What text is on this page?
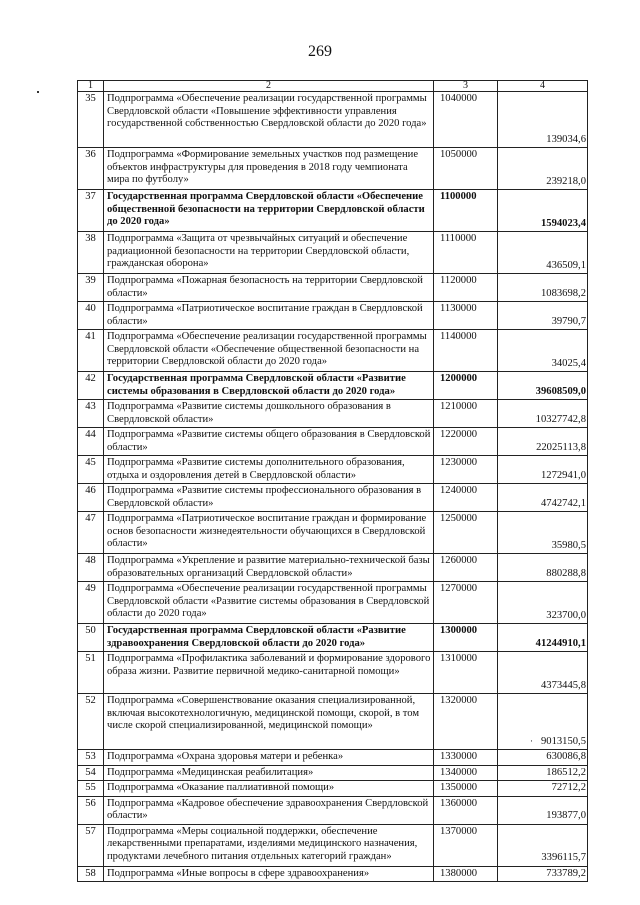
269
1	2	3	4
35	Подпрограмма «Обеспечение реализации государственной программы Свердловской области «Повышение эффективности управления государственной собственностью Свердловской области до 2020 года»	1040000	139034,6
36	Подпрограмма «Формирование земельных участков под размещение объектов инфраструктуры для проведения в 2018 году чемпионата мира по футболу»	1050000	239218,0
37	Государственная программа Свердловской области «Обеспечение общественной безопасности на территории Свердловской области до 2020 года»	1100000	1594023,4
38	Подпрограмма «Защита от чрезвычайных ситуаций и обеспечение радиационной безопасности на территории Свердловской области, гражданская оборона»	1110000	436509,1
39	Подпрограмма «Пожарная безопасность на территории Свердловской области»	1120000	1083698,2
40	Подпрограмма «Патриотическое воспитание граждан в Свердловской области»	1130000	39790,7
41	Подпрограмма «Обеспечение реализации государственной программы Свердловской области «Обеспечение общественной безопасности на территории Свердловской области до 2020 года»	1140000	34025,4
42	Государственная программа Свердловской области «Развитие системы образования в Свердловской области до 2020 года»	1200000	39608509,0
43	Подпрограмма «Развитие системы дошкольного образования в Свердловской области»	1210000	10327742,8
44	Подпрограмма «Развитие системы общего образования в Свердловской области»	1220000	22025113,8
45	Подпрограмма «Развитие системы дополнительного образования, отдыха и оздоровления детей в Свердловской области»	1230000	1272941,0
46	Подпрограмма «Развитие системы профессионального образования в Свердловской области»	1240000	4742742,1
47	Подпрограмма «Патриотическое воспитание граждан и формирование основ безопасности жизнедеятельности обучающихся в Свердловской области»	1250000	35980,5
48	Подпрограмма «Укрепление и развитие материально-технической базы образовательных организаций Свердловской области»	1260000	880288,8
49	Подпрограмма «Обеспечение реализации государственной программы Свердловской области «Развитие системы образования в Свердловской области до 2020 года»	1270000	323700,0
50	Государственная программа Свердловской области «Развитие здравоохранения Свердловской области до 2020 года»	1300000	41244910,1
51	Подпрограмма «Профилактика заболеваний и формирование здорового образа жизни. Развитие первичной медико-санитарной помощи»	1310000	4373445,8
52	Подпрограмма «Совершенствование оказания специализированной, включая высокотехнологичную, медицинской помощи, скорой, в том числе скорой специализированной, медицинской помощи»	1320000	· 9013150,5
53	Подпрограмма «Охрана здоровья матери и ребенка»	1330000	630086,8
54	Подпрограмма «Медицинская реабилитация»	1340000	186512,2
55	Подпрограмма «Оказание паллиативной помощи»	1350000	72712,2
56	Подпрограмма «Кадровое обеспечение здравоохранения Свердловской области»	1360000	193877,0
57	Подпрограмма «Меры социальной поддержки, обеспечение лекарственными препаратами, изделиями медицинского назначения, продуктами лечебного питания отдельных категорий граждан»	1370000	3396115,7
58	Подпрограмма «Иные вопросы в сфере здравоохранения»	1380000	733789,2
